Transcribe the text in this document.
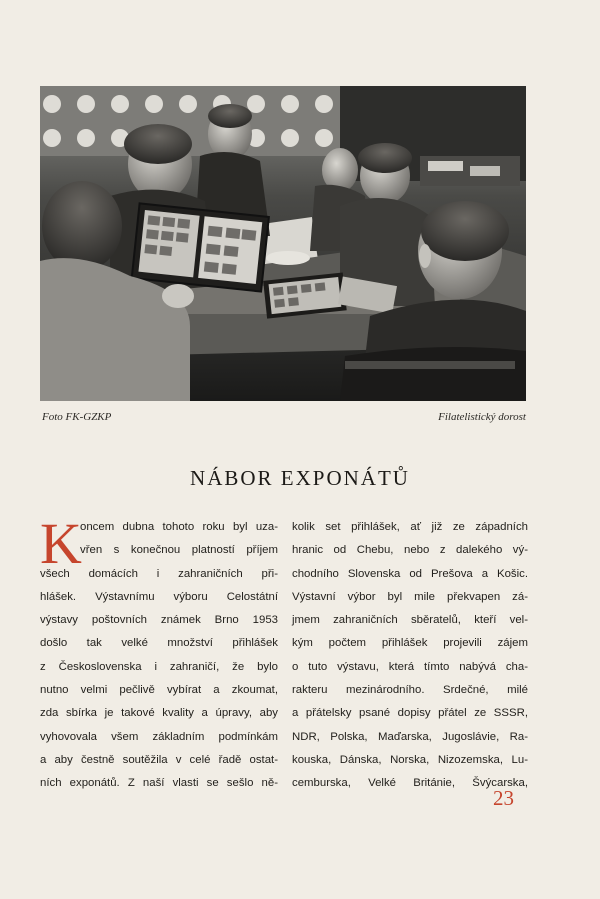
Foto FK-GZKP	Filatelistický dorost
NÁBOR EXPONÁTŮ
K
oncem dubna tohoto roku byl uza-
vřen s konečnou platností příjem
všech domácích i zahraničních při-
hlášek. Výstavnímu výboru Celostátní
výstavy poštovních známek Brno 1953
došlo tak velké množství přihlášek
z Československa i zahraničí, že bylo
nutno velmi pečlivě vybírat a zkoumat,
zda sbírka je takové kvality a úpravy, aby
vyhovovala všem základním podmínkám
a aby čestně soutěžila v celé řadě ostat-
ních exponátů. Z naší vlasti se sešlo ně-
kolik set přihlášek, ať již ze západních
hranic od Chebu, nebo z dalekého vý-
chodního Slovenska od Prešova a Košic.
Výstavní výbor byl mile překvapen zá-
jmem zahraničních sběratelů, kteří vel-
kým počtem přihlášek projevili zájem
o tuto výstavu, která tímto nabývá cha-
rakteru mezinárodního. Srdečné, milé
a přátelsky psané dopisy přátel ze SSSR,
NDR, Polska, Maďarska, Jugoslávie, Ra-
kouska, Dánska, Norska, Nizozemska, Lu-
cemburska, Velké Británie, Švýcarska,
23
